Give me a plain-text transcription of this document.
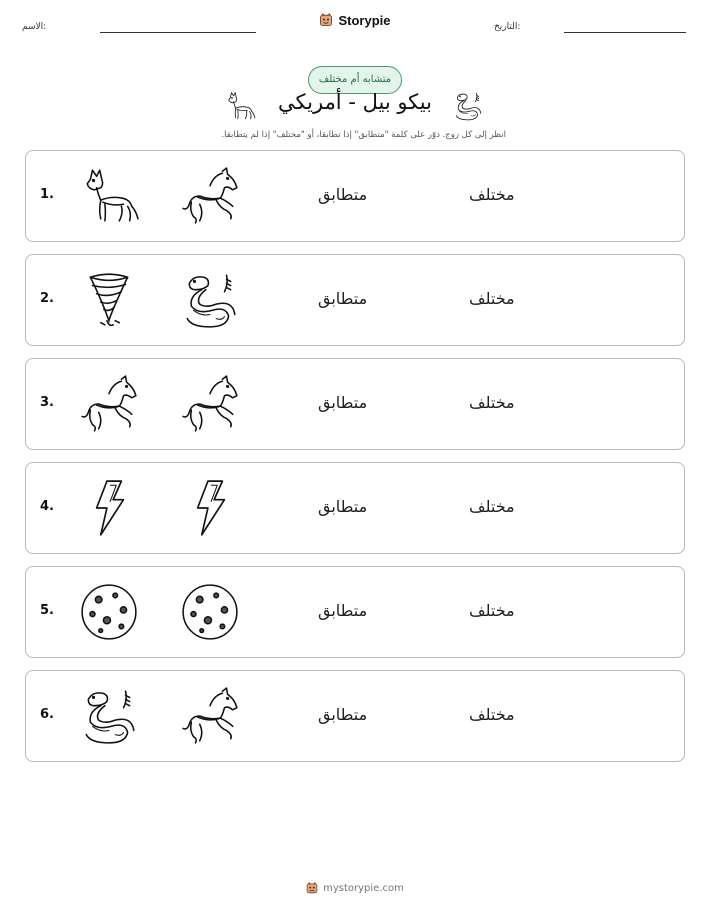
الاسم:	Storypie	التاريخ:
متشابه أم مختلف
بيكو بيل - أمريكي
انظر إلى كل زوج. دوّر على كلمة "متطابق" إذا تطابقا، أو "مختلف" إذا لم يتطابقا.
1.	متطابق	مختلف
2.	متطابق	مختلف
3.	متطابق	مختلف
4.	متطابق	مختلف
5.	متطابق	مختلف
6.	متطابق	مختلف
mystorypie.com
